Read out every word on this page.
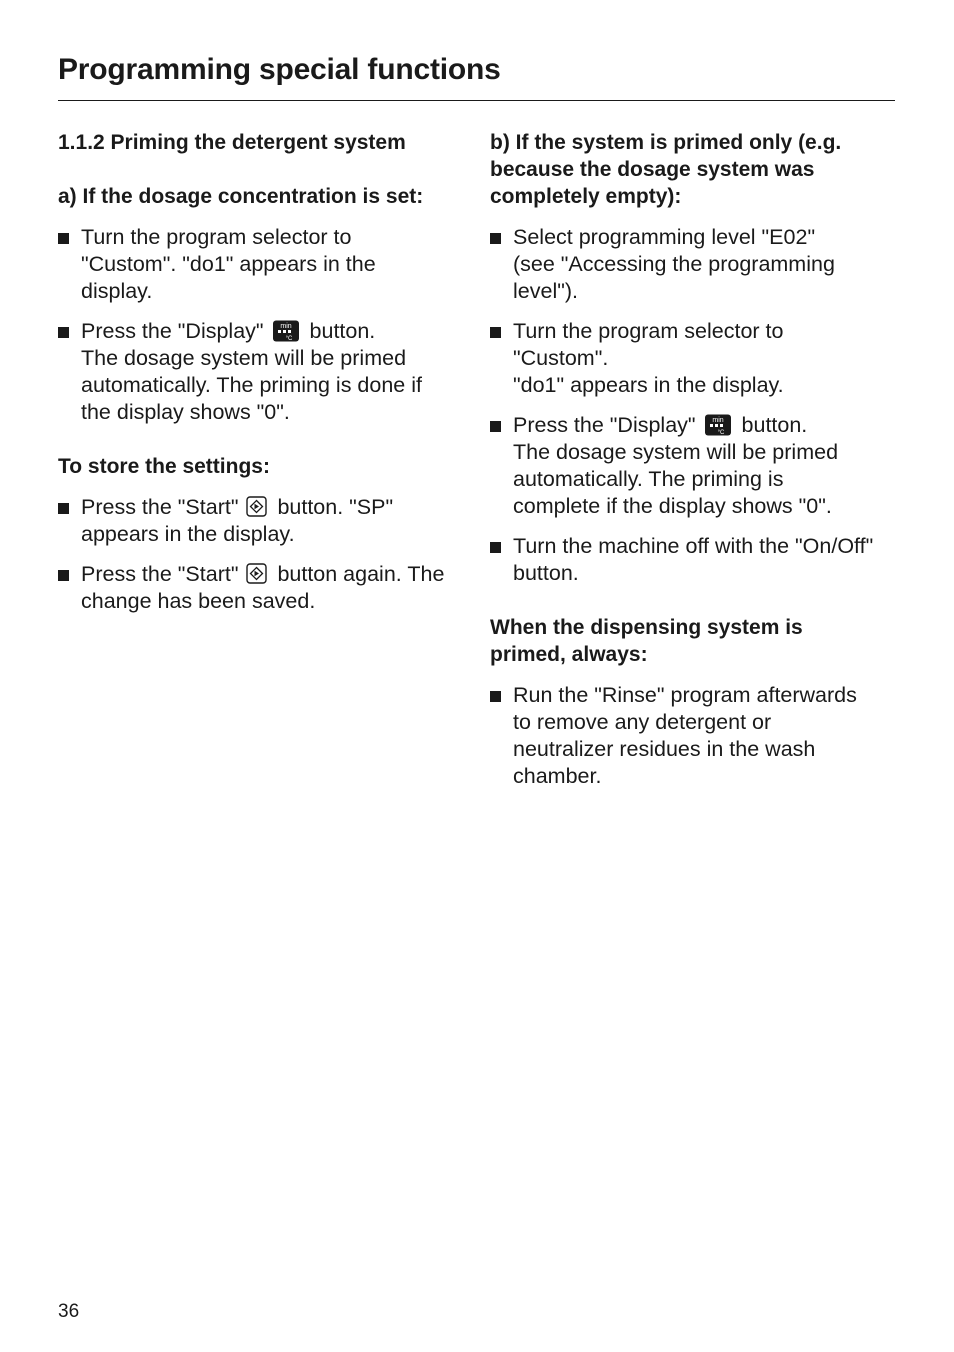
Programming special functions

1.1.2 Priming the detergent system

a) If the dosage concentration is set:

Turn the program selector to
"Custom". "do1" appears in the
display.
Press the "Display" min
°C button.
The dosage system will be primed
automatically. The priming is done if
the display shows "0".

To store the settings:

Press the "Start" button. "SP"
appears in the display.
Press the "Start" button again. The
change has been saved.

b) If the system is primed only (e.g.
because the dosage system was
completely empty):

Select programming level "E02"
(see "Accessing the programming
level").
Turn the program selector to
"Custom".
"do1" appears in the display.
Press the "Display" min
°C button.
The dosage system will be primed
automatically. The priming is
complete if the display shows "0".
Turn the machine off with the "On/Off"
button.

When the dispensing system is
primed, always:

Run the "Rinse" program afterwards
to remove any detergent or
neutralizer residues in the wash
chamber.
36
